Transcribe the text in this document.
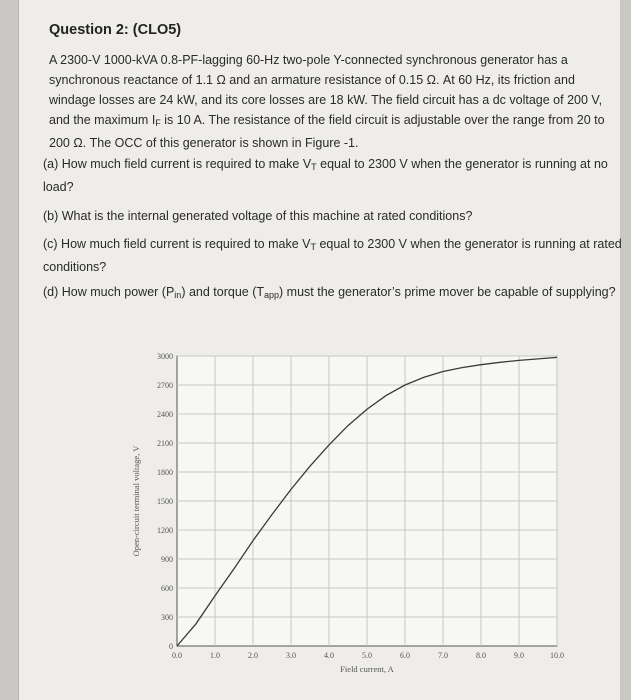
Question 2: (CLO5)
A 2300-V 1000-kVA 0.8-PF-lagging 60-Hz two-pole Y-connected synchronous generator has a synchronous reactance of 1.1 Ω and an armature resistance of 0.15 Ω. At 60 Hz, its friction and windage losses are 24 kW, and its core losses are 18 kW. The field circuit has a dc voltage of 200 V, and the maximum $I_F$ is 10 A. The resistance of the field circuit is adjustable over the range from 20 to 200 Ω. The OCC of this generator is shown in Figure -1.
(a) How much field current is required to make $V_T$ equal to 2300 V when the generator is running at no load?
(b) What is the internal generated voltage of this machine at rated conditions?
(c) How much field current is required to make $V_T$ equal to 2300 V when the generator is running at rated conditions?
(d) How much power $(P_{in})$ and torque $(T_{app})$ must the generator’s prime mover be capable of supplying?
0.0	1.0	2.0	3.0	4.0	5.0	6.0	7.0	8.0	9.0	10.0
0
300
600
900
1200
1500
1800
2100
2400
2700
3000
Field current, A
Open-circuit terminal voltage, V
